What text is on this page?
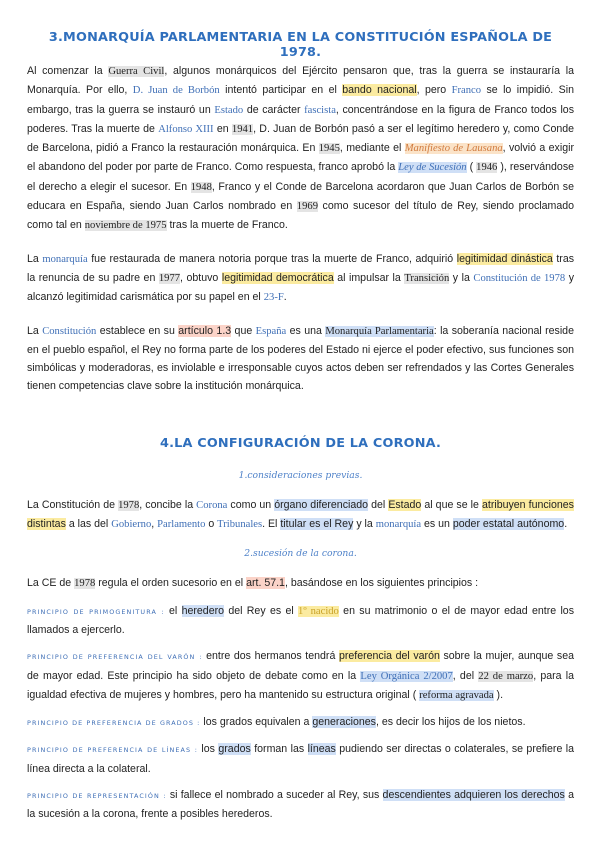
3.MONARQUÍA PARLAMENTARIA EN LA CONSTITUCIÓN ESPAÑOLA DE 1978.

Al comenzar la Guerra Civil, algunos monárquicos del Ejército pensaron que, tras la guerra se instauraría la Monarquía. Por ello, D. Juan de Borbón intentó participar en el bando nacional, pero Franco se lo impidió. Sin embargo, tras la guerra se instauró un Estado de carácter fascista, concentrándose en la figura de Franco todos los poderes. Tras la muerte de Alfonso XIII en 1941, D. Juan de Borbón pasó a ser el legítimo heredero y, como Conde de Barcelona, pidió a Franco la restauración monárquica. En 1945, mediante el Manifiesto de Lausana, volvió a exigir el abandono del poder por parte de Franco. Como respuesta, franco aprobó la Ley de Sucesión ( 1946 ), reservándose el derecho a elegir el sucesor. En 1948, Franco y el Conde de Barcelona acordaron que Juan Carlos de Borbón se educara en España, siendo Juan Carlos nombrado en 1969 como sucesor del título de Rey, siendo proclamado como tal en noviembre de 1975 tras la muerte de Franco.

La monarquía fue restaurada de manera notoria porque tras la muerte de Franco, adquirió legitimidad dinástica tras la renuncia de su padre en 1977, obtuvo legitimidad democrática al impulsar la Transición y la Constitución de 1978 y alcanzó legitimidad carismática por su papel en el 23-F.

La Constitución establece en su artículo 1.3 que España es una Monarquía Parlamentaria: la soberanía nacional reside en el pueblo español, el Rey no forma parte de los poderes del Estado ni ejerce el poder efectivo, sus funciones son simbólicas y moderadoras, es inviolable e irresponsable cuyos actos deben ser refrendados y las Cortes Generales tienen competencias clave sobre la institución monárquica.

4.LA CONFIGURACIÓN DE LA CORONA.
1.consideraciones previas.

La Constitución de 1978, concibe la Corona como un órgano diferenciado del Estado al que se le atribuyen funciones distintas a las del Gobierno, Parlamento o Tribunales. El titular es el Rey y la monarquía es un poder estatal autónomo.

2.sucesión de la corona.

La CE de 1978 regula el orden sucesorio en el art. 57.1, basándose en los siguientes principios :

PRINCIPIO DE PRIMOGENITURA : el heredero del Rey es el 1º nacido en su matrimonio o el de mayor edad entre los llamados a ejercerlo.

PRINCIPIO DE PREFERENCIA DEL VARÓN : entre dos hermanos tendrá preferencia del varón sobre la mujer, aunque sea de mayor edad. Este principio ha sido objeto de debate como en la Ley Orgánica 2/2007, del 22 de marzo, para la igualdad efectiva de mujeres y hombres, pero ha mantenido su estructura original ( reforma agravada ).

PRINCIPIO DE PREFERENCIA DE GRADOS : los grados equivalen a generaciones, es decir los hijos de los nietos.

PRINCIPIO DE PREFERENCIA DE LÍNEAS : los grados forman las líneas pudiendo ser directas o colaterales, se prefiere la línea directa a la colateral.

PRINCIPIO DE REPRESENTACIÓN : si fallece el nombrado a suceder al Rey, sus descendientes adquieren los derechos a la sucesión a la corona, frente a posibles herederos.
